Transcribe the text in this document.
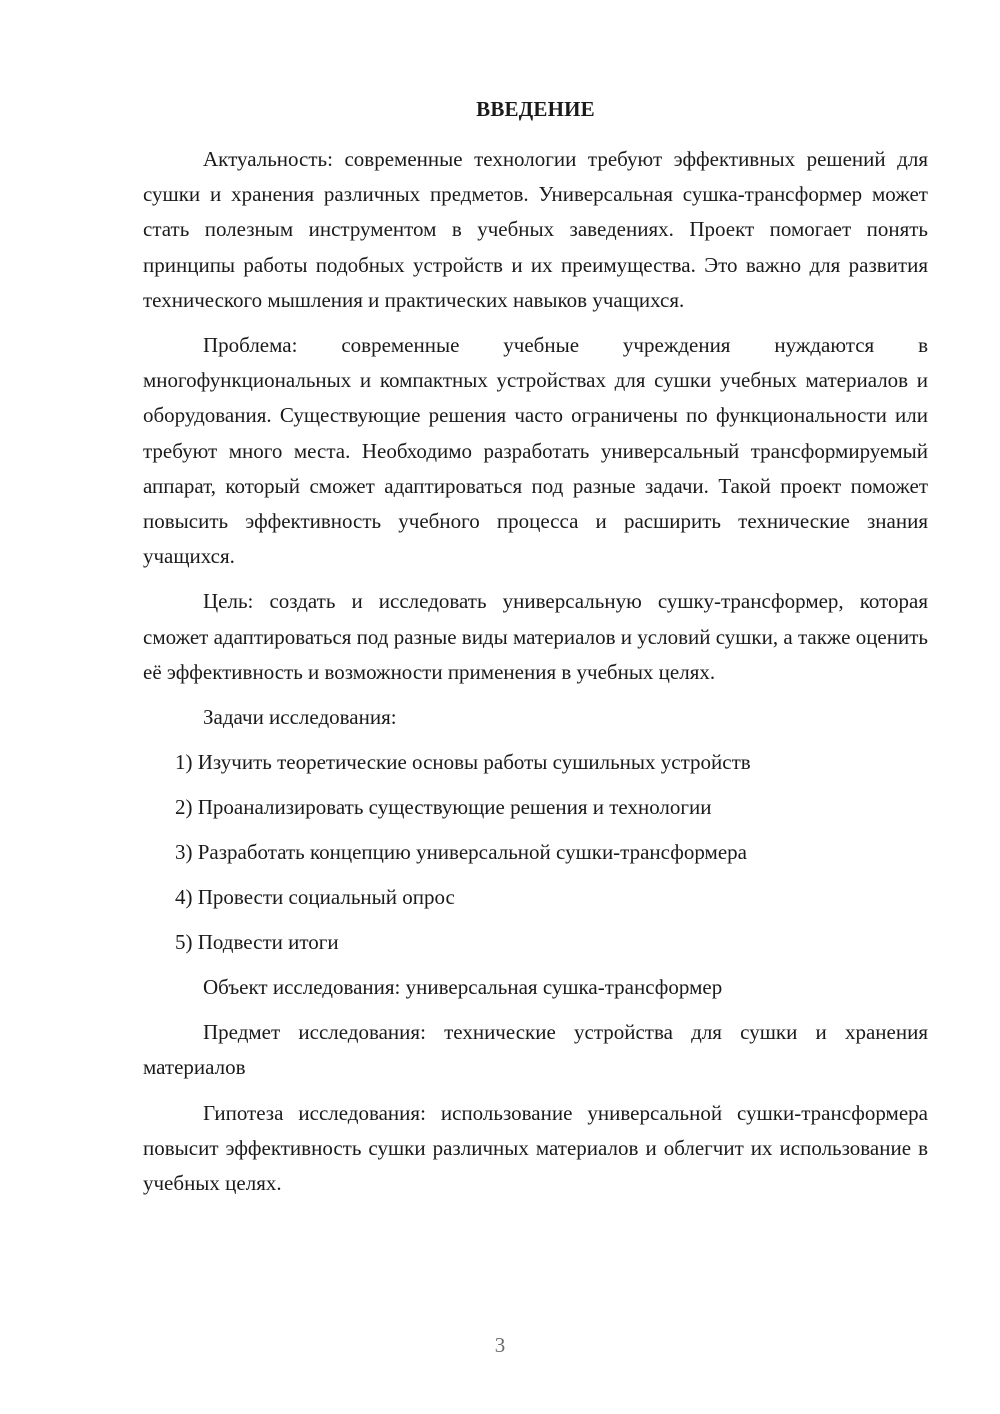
ВВЕДЕНИЕ

Актуальность: современные технологии требуют эффективных решений для сушки и хранения различных предметов. Универсальная сушка-трансформер может стать полезным инструментом в учебных заведениях. Проект помогает понять принципы работы подобных устройств и их преимущества. Это важно для развития технического мышления и практических навыков учащихся.

Проблема: современные учебные учреждения нуждаются в многофункциональных и компактных устройствах для сушки учебных материалов и оборудования. Существующие решения часто ограничены по функциональности или требуют много места. Необходимо разработать универсальный трансформируемый аппарат, который сможет адаптироваться под разные задачи. Такой проект поможет повысить эффективность учебного процесса и расширить технические знания учащихся.

Цель: создать и исследовать универсальную сушку-трансформер, которая сможет адаптироваться под разные виды материалов и условий сушки, а также оценить её эффективность и возможности применения в учебных целях.

Задачи исследования:

1) Изучить теоретические основы работы сушильных устройств

2) Проанализировать существующие решения и технологии

3) Разработать концепцию универсальной сушки-трансформера

4) Провести социальный опрос

5) Подвести итоги

Объект исследования: универсальная сушка-трансформер

Предмет исследования: технические устройства для сушки и хранения материалов

Гипотеза исследования: использование универсальной сушки-трансформера повысит эффективность сушки различных материалов и облегчит их использование в учебных целях.

3
